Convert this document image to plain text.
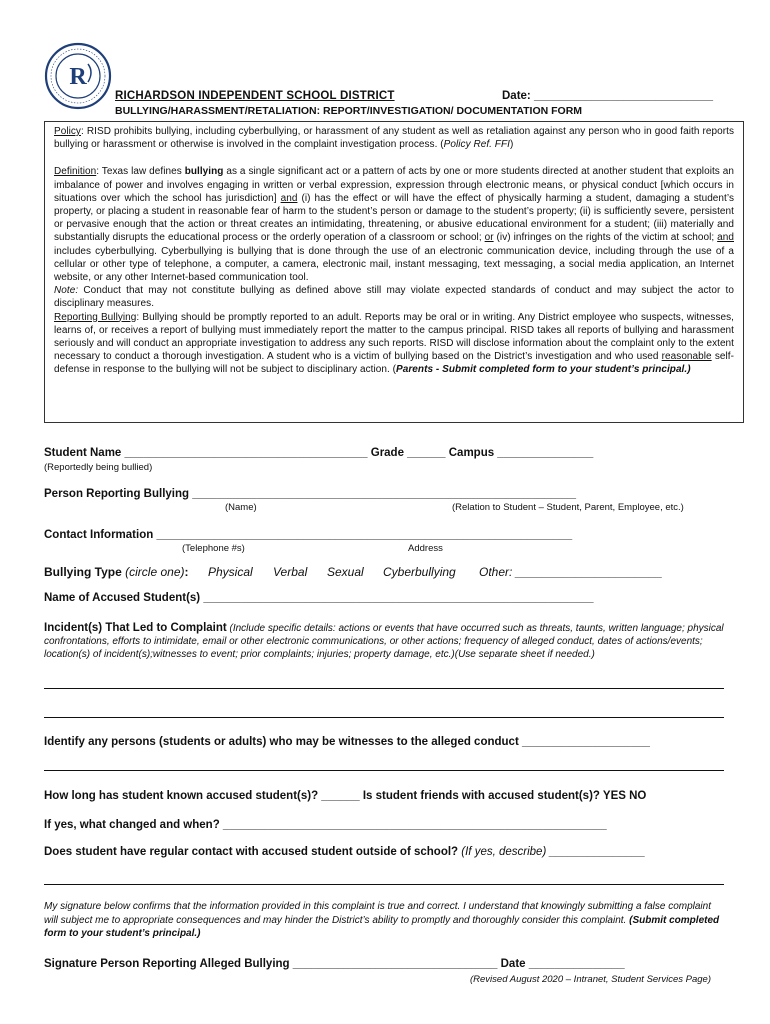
R
RICHARDSON INDEPENDENT SCHOOL DISTRICT	Date: ____________________________
BULLYING/HARASSMENT/RETALIATION: REPORT/INVESTIGATION/ DOCUMENTATION FORM

Policy: RISD prohibits bullying, including cyberbullying, or harassment of any student as well as retaliation against any person who in good faith reports bullying or harassment or otherwise is involved in the complaint investigation process. (Policy Ref. FFI)

Definition: Texas law defines bullying as a single significant act or a pattern of acts by one or more students directed at another student that exploits an imbalance of power and involves engaging in written or verbal expression, expression through electronic means, or physical conduct [which occurs in situations over which the school has jurisdiction] and (i) has the effect or will have the effect of physically harming a student, damaging a student’s property, or placing a student in reasonable fear of harm to the student’s person or damage to the student’s property; (ii) is sufficiently severe, persistent or pervasive enough that the action or threat creates an intimidating, threatening, or abusive educational environment for a student; (iii) materially and substantially disrupts the educational process or the orderly operation of a classroom or school; or (iv) infringes on the rights of the victim at school; and includes cyberbullying. Cyberbullying is bullying that is done through the use of an electronic communication device, including through the use of a cellular or other type of telephone, a computer, a camera, electronic mail, instant messaging, text messaging, a social media application, an Internet website, or any other Internet-based communication tool.

Note: Conduct that may not constitute bullying as defined above still may violate expected standards of conduct and may subject the actor to disciplinary measures.

Reporting Bullying: Bullying should be promptly reported to an adult. Reports may be oral or in writing. Any District employee who suspects, witnesses, learns of, or receives a report of bullying must immediately report the matter to the campus principal. RISD takes all reports of bullying and harassment seriously and will conduct an appropriate investigation to address any such reports. RISD will disclose information about the complaint only to the extent necessary to conduct a thorough investigation. A student who is a victim of bullying based on the District’s investigation and who used reasonable self-defense in response to the bullying will not be subject to disciplinary action. (Parents - Submit completed form to your student’s principal.)

Student Name ______________________________________ Grade ______ Campus _______________
(Reportedly being bullied)
Person Reporting Bullying ____________________________________________________________
(Name)	(Relation to Student – Student, Parent, Employee, etc.)
Contact Information _________________________________________________________________
(Telephone #s)	Address
Bullying Type (circle one): Physical Verbal Sexual Cyberbullying Other: ______________________
Name of Accused Student(s) _____________________________________________________________
Incident(s) That Led to Complaint (Include specific details: actions or events that have occurred such as threats, taunts, written language; physical confrontations, efforts to intimidate, email or other electronic communications, or other actions; frequency of alleged conduct, dates of actions/events; location(s) of incident(s);witnesses to event; prior complaints; injuries; property damage, etc.)(Use separate sheet if needed.)
Identify any persons (students or adults) who may be witnesses to the alleged conduct ____________________
How long has student known accused student(s)? ______ Is student friends with accused student(s)? YES NO
If yes, what changed and when? ____________________________________________________________
Does student have regular contact with accused student outside of school? (If yes, describe) _______________
My signature below confirms that the information provided in this complaint is true and correct. I understand that knowingly submitting a false complaint will subject me to appropriate consequences and may hinder the District’s ability to promptly and thoroughly consider this complaint. (Submit completed form to your student’s principal.)
Signature Person Reporting Alleged Bullying ________________________________ Date _______________
(Revised August 2020 – Intranet, Student Services Page)
